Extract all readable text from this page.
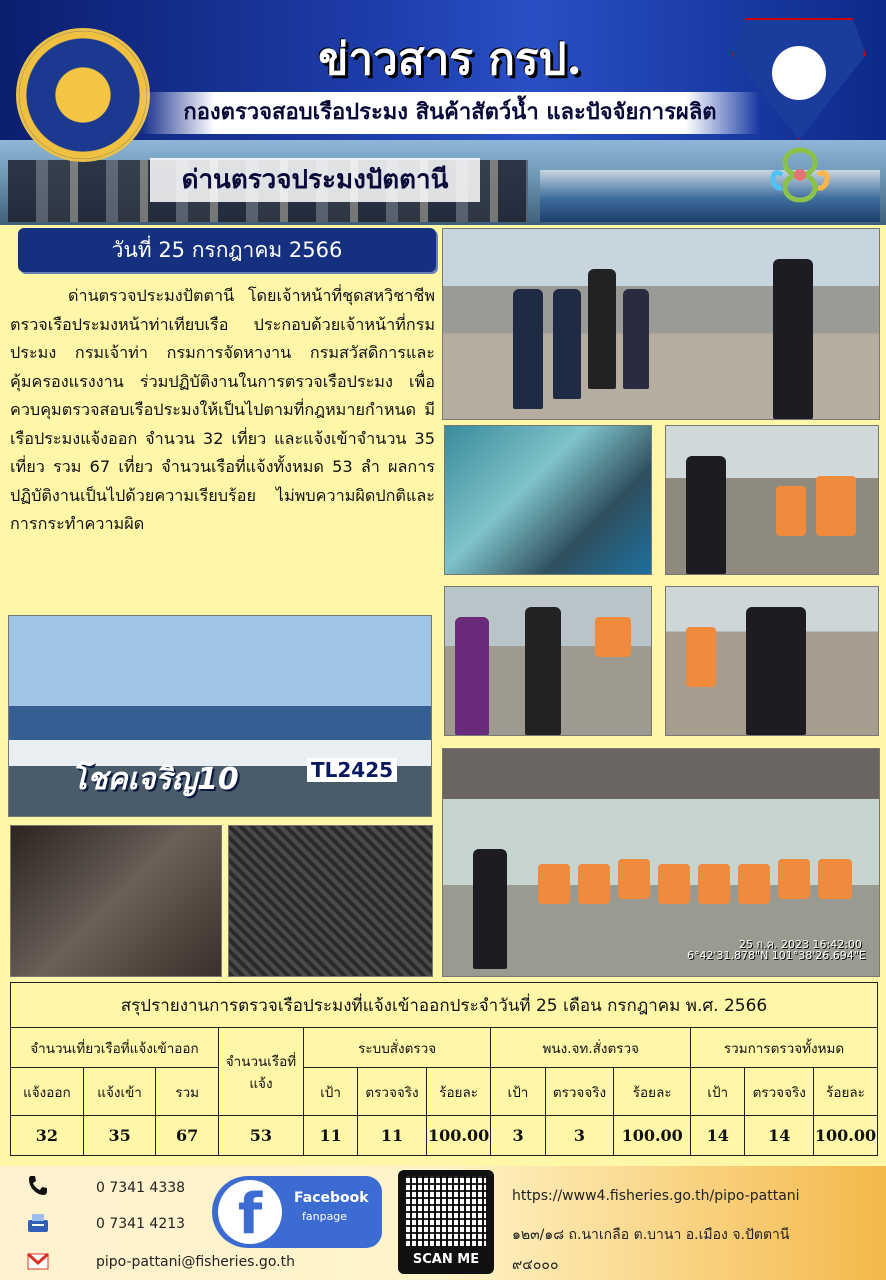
ข่าวสาร กรป.
กองตรวจสอบเรือประมง สินค้าสัตว์น้ำ และปัจจัยการผลิต
ด่านตรวจประมงปัตตานี
วันที่ 25 กรกฎาคม 2566
ด่านตรวจประมงปัตตานี โดยเจ้าหน้าที่ชุดสหวิชาชีพตรวจเรือประมงหน้าท่าเทียบเรือ ประกอบด้วยเจ้าหน้าที่กรมประมง กรมเจ้าท่า กรมการจัดหางาน กรมสวัสดิการและคุ้มครองแรงงาน ร่วมปฏิบัติงานในการตรวจเรือประมง เพื่อควบคุมตรวจสอบเรือประมงให้เป็นไปตามที่กฎหมายกำหนด มีเรือประมงแจ้งออก จำนวน 32 เที่ยว และแจ้งเข้าจำนวน 35 เที่ยว รวม 67 เที่ยว จำนวนเรือที่แจ้งทั้งหมด 53 ลำ ผลการปฏิบัติงานเป็นไปด้วยความเรียบร้อย ไม่พบความผิดปกติและการกระทำความผิด
โชคเจริญ10	TL2425
25 ก.ค. 2023 16:42:00
6°42'31.878"N 101°38'26.694"E
สรุปรายงานการตรวจเรือประมงที่แจ้งเข้าออกประจำวันที่ 25 เดือน กรกฎาคม พ.ศ. 2566												
จำนวนเที่ยวเรือที่แจ้งเข้าออก			จำนวนเรือที่แจ้ง	ระบบสั่งตรวจ			พนง.จท.สั่งตรวจ			รวมการตรวจทั้งหมด		
แจ้งออก	แจ้งเข้า	รวม		เป้า	ตรวจจริง	ร้อยละ	เป้า	ตรวจจริง	ร้อยละ	เป้า	ตรวจจริง	ร้อยละ
32	35	67	53	11	11	100.00	3	3	100.00	14	14	100.00
0 7341 4338
0 7341 4213
pipo-pattani@fisheries.go.th
f	Facebook
fanpage
SCAN ME
https://www4.fisheries.go.th/pipo-pattani
๑๒๓/๑๘ ถ.นาเกลือ ต.บานา อ.เมือง จ.ปัตตานี
๙๔๐๐๐
